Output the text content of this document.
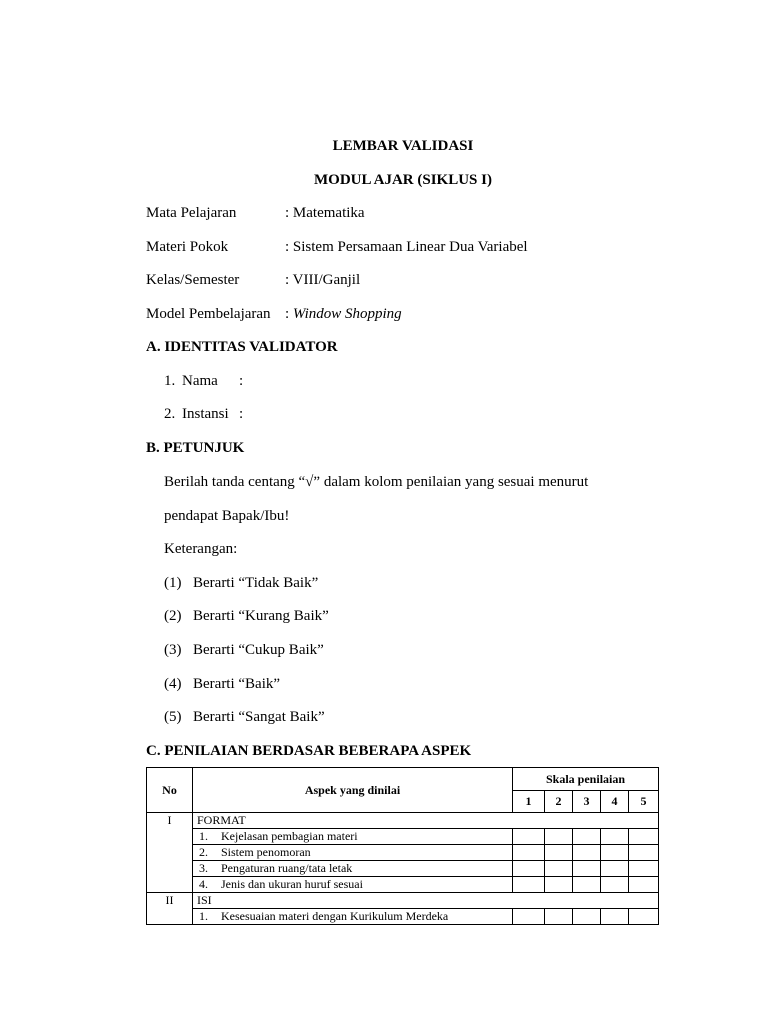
LEMBAR VALIDASI
MODUL AJAR (SIKLUS I)
Mata Pelajaran	: Matematika
Materi Pokok	: Sistem Persamaan Linear Dua Variabel
Kelas/Semester	: VIII/Ganjil
Model Pembelajaran : Window Shopping
A. IDENTITAS VALIDATOR
1. Nama :
2. Instansi :
B. PETUNJUK
Berilah tanda centang “√” dalam kolom penilaian yang sesuai menurut
pendapat Bapak/Ibu!
Keterangan:
(1) Berarti “Tidak Baik”
(2) Berarti “Kurang Baik”
(3) Berarti “Cukup Baik”
(4) Berarti “Baik”
(5) Berarti “Sangat Baik”
C. PENILAIAN BERDASAR BEBERAPA ASPEK
No	Aspek yang dinilai	Skala penilaian				
		1	2	3	4	5
I	FORMAT					
	1. Kejelasan pembagian materi					
	2. Sistem penomoran					
	3. Pengaturan ruang/tata letak					
	4. Jenis dan ukuran huruf sesuai					
II	ISI					
	1. Kesesuaian materi dengan Kurikulum Merdeka					
